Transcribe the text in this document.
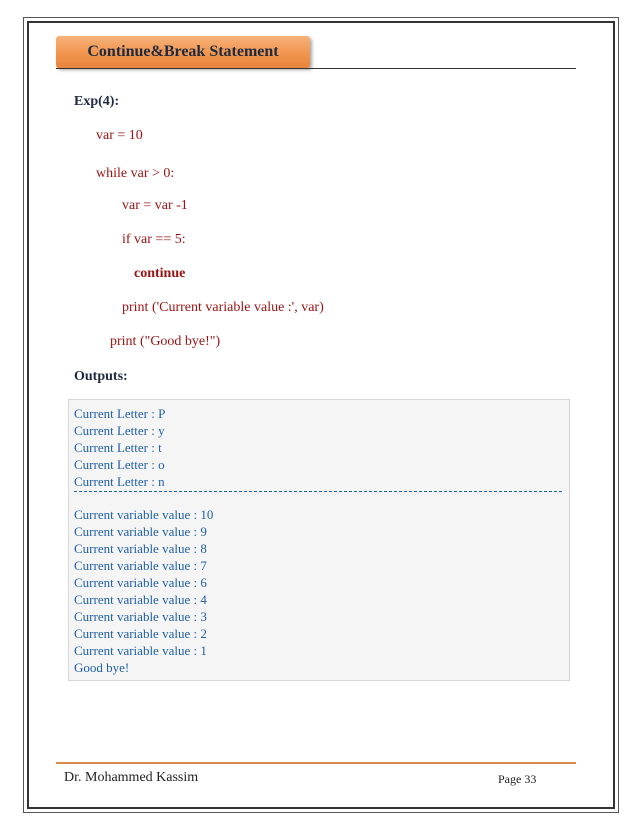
Continue&Break Statement
Exp(4):
var = 10
while var > 0:
var = var -1
if var == 5:
continue
print ('Current variable value :', var)
print ("Good bye!")
Outputs:
Current Letter : P
Current Letter : y
Current Letter : t
Current Letter : o
Current Letter : n
Current variable value : 10
Current variable value : 9
Current variable value : 8
Current variable value : 7
Current variable value : 6
Current variable value : 4
Current variable value : 3
Current variable value : 2
Current variable value : 1
Good bye!
Dr. Mohammed Kassim	Page 33
